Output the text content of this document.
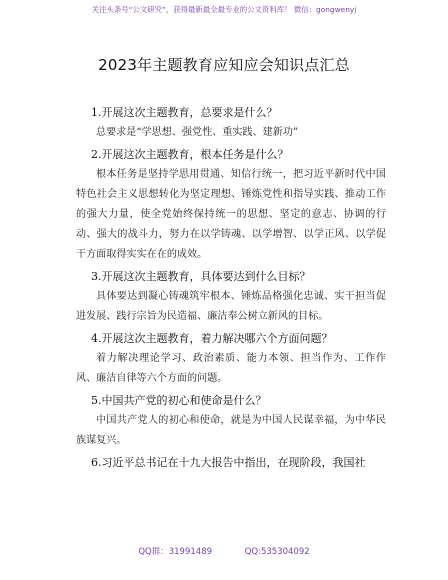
关注头条号“公文研究”，获得最新最全最专业的公文资料库！ 微信：gongwenyj
2023年主题教育应知应会知识点汇总

1.开展这次主题教育，总要求是什么？

总要求是“学思想、强党性、重实践、建新功”

2.开展这次主题教育，根本任务是什么？

根本任务是坚持学思用贯通、知信行统一，把习近平新时代中国特色社会主义思想转化为坚定理想、锤炼党性和指导实践、推动工作的强大力量，使全党始终保持统一的思想、坚定的意志、协调的行动、强大的战斗力，努力在以学铸魂、以学增智、以学正风、以学促干方面取得实实在在的成效。

3.开展这次主题教育，具体要达到什么目标？

具体要达到凝心铸魂筑牢根本、锤炼品格强化忠诚、实干担当促进发展、践行宗旨为民造福、廉洁奉公树立新风的目标。

4.开展这次主题教育，着力解决哪六个方面问题？

着力解决理论学习、政治素质、能力本领、担当作为、工作作风、廉洁自律等六个方面的问题。

5.中国共产党的初心和使命是什么？

中国共产党人的初心和使命，就是为中国人民谋幸福，为中华民族谋复兴。

6.习近平总书记在十九大报告中指出，在现阶段，我国社

QQ群：31991489	QQ:535304092
